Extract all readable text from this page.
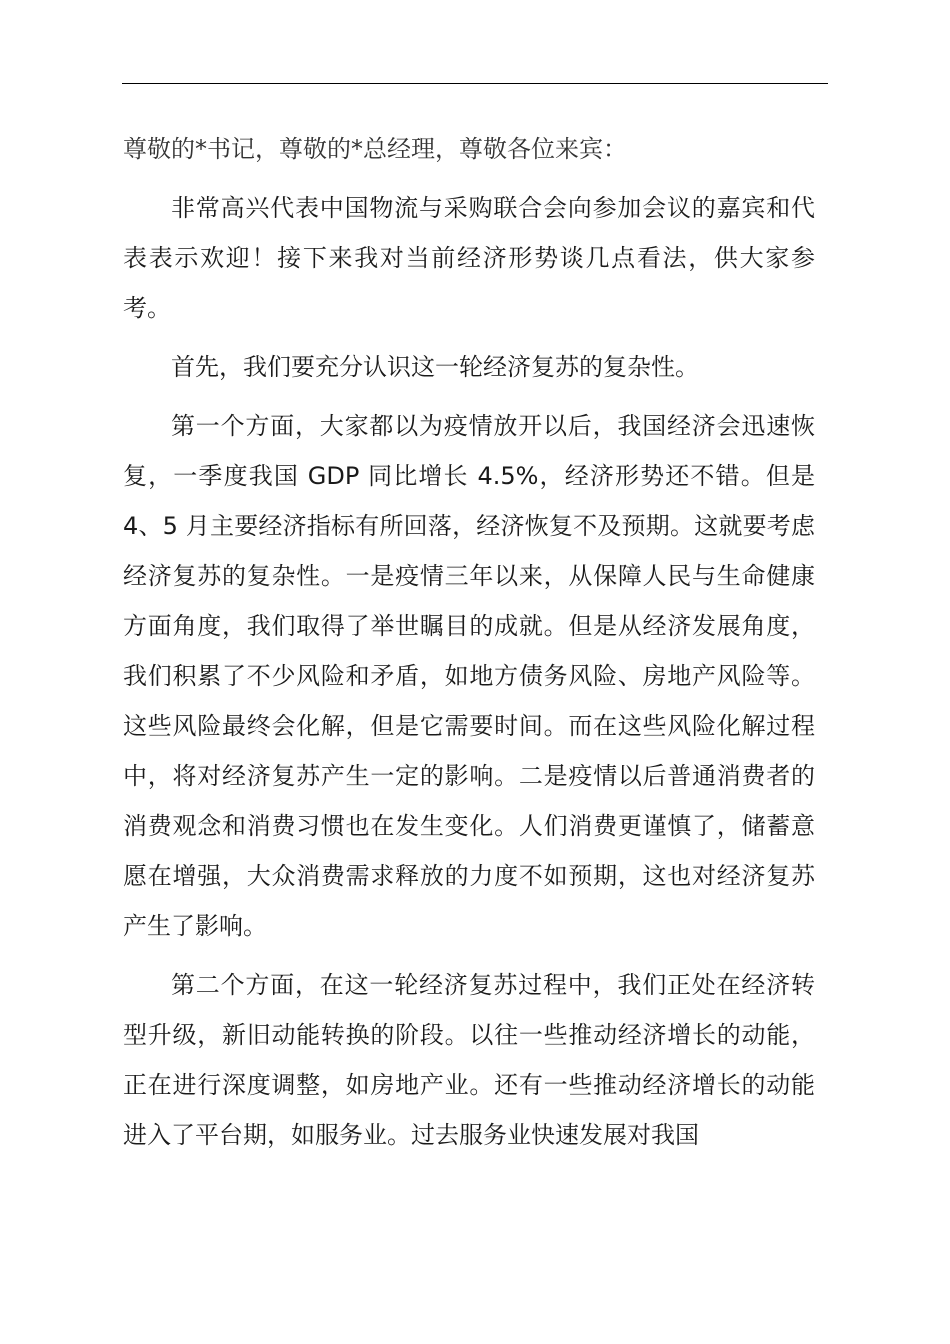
尊敬的*书记，尊敬的*总经理，尊敬各位来宾：

非常高兴代表中国物流与采购联合会向参加会议的嘉宾和代表表示欢迎！接下来我对当前经济形势谈几点看法，供大家参考。

首先，我们要充分认识这一轮经济复苏的复杂性。

第一个方面，大家都以为疫情放开以后，我国经济会迅速恢复，一季度我国 GDP 同比增长 4.5%，经济形势还不错。但是 4、5 月主要经济指标有所回落，经济恢复不及预期。这就要考虑经济复苏的复杂性。一是疫情三年以来，从保障人民与生命健康方面角度，我们取得了举世瞩目的成就。但是从经济发展角度，我们积累了不少风险和矛盾，如地方债务风险、房地产风险等。这些风险最终会化解，但是它需要时间。而在这些风险化解过程中，将对经济复苏产生一定的影响。二是疫情以后普通消费者的消费观念和消费习惯也在发生变化。人们消费更谨慎了，储蓄意愿在增强，大众消费需求释放的力度不如预期，这也对经济复苏产生了影响。

第二个方面，在这一轮经济复苏过程中，我们正处在经济转型升级，新旧动能转换的阶段。以往一些推动经济增长的动能，正在进行深度调整，如房地产业。还有一些推动经济增长的动能进入了平台期，如服务业。过去服务业快速发展对我国
